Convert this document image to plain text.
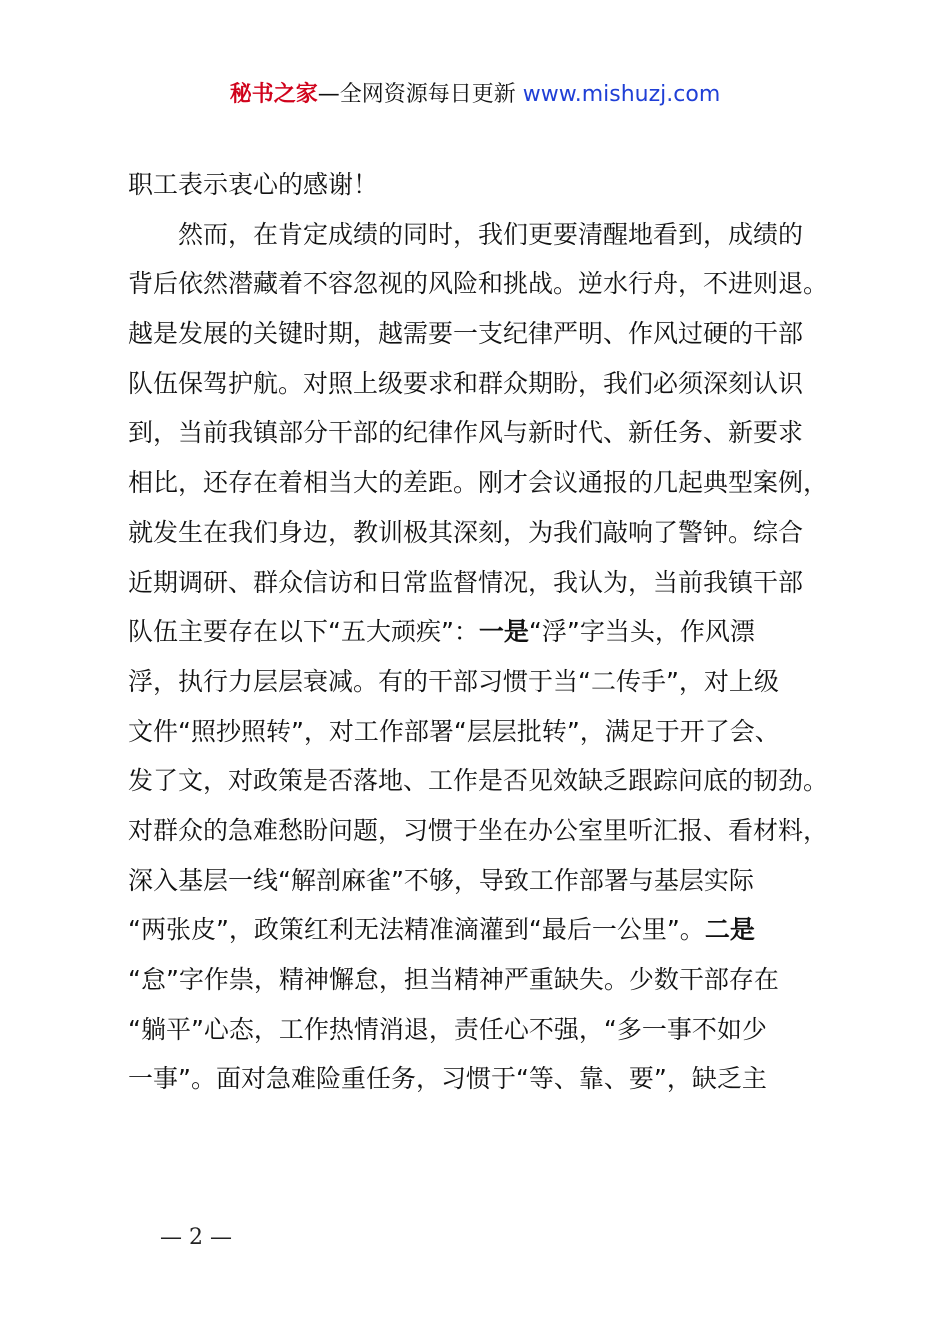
秘书之家—全网资源每日更新 www.mishuzj.com
职工表示衷心的感谢！
　　然而，在肯定成绩的同时，我们更要清醒地看到，成绩的
背后依然潜藏着不容忽视的风险和挑战。逆水行舟，不进则退。
越是发展的关键时期，越需要一支纪律严明、作风过硬的干部
队伍保驾护航。对照上级要求和群众期盼，我们必须深刻认识
到，当前我镇部分干部的纪律作风与新时代、新任务、新要求
相比，还存在着相当大的差距。刚才会议通报的几起典型案例，
就发生在我们身边，教训极其深刻，为我们敲响了警钟。综合
近期调研、群众信访和日常监督情况，我认为，当前我镇干部
队伍主要存在以下“五大顽疾”：一是“浮”字当头，作风漂
浮，执行力层层衰减。有的干部习惯于当“二传手”，对上级
文件“照抄照转”，对工作部署“层层批转”，满足于开了会、
发了文，对政策是否落地、工作是否见效缺乏跟踪问底的韧劲。
对群众的急难愁盼问题，习惯于坐在办公室里听汇报、看材料，
深入基层一线“解剖麻雀”不够，导致工作部署与基层实际
“两张皮”，政策红利无法精准滴灌到“最后一公里”。二是
“怠”字作祟，精神懈怠，担当精神严重缺失。少数干部存在
“躺平”心态，工作热情消退，责任心不强，“多一事不如少
一事”。面对急难险重任务，习惯于“等、靠、要”，缺乏主
— 2 —
